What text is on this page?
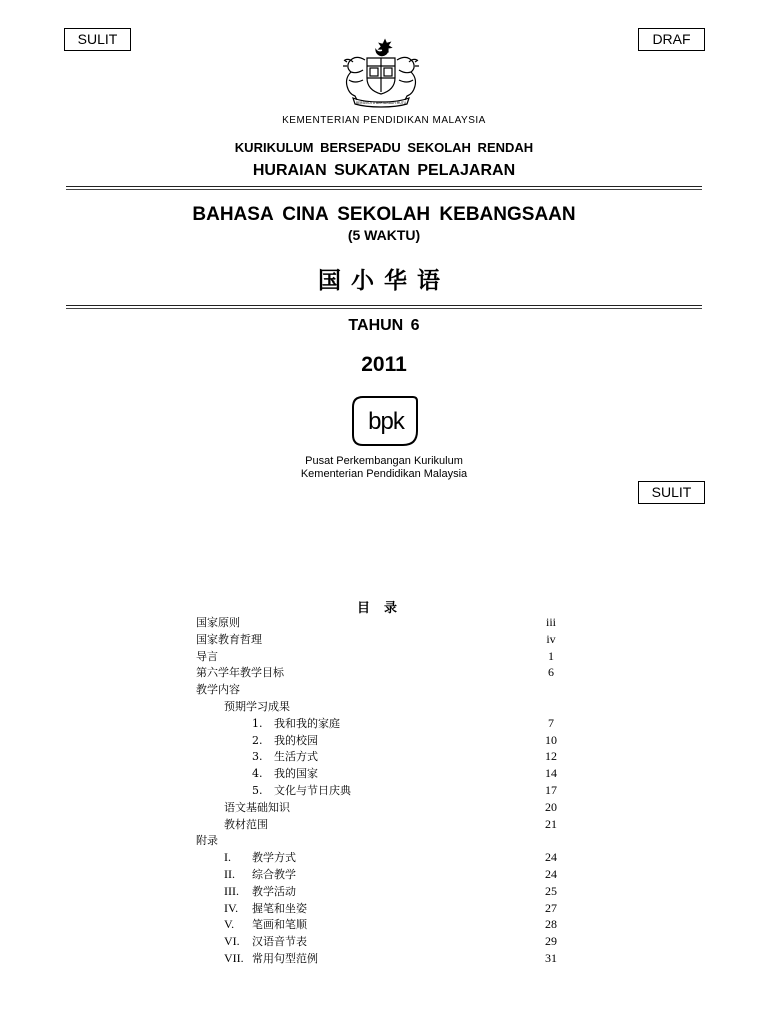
SULIT	DRAF
BERSEKUTU BERTAMBAH MUTU
KEMENTERIAN PENDIDIKAN MALAYSIA
KURIKULUM BERSEPADU SEKOLAH RENDAH
HURAIAN SUKATAN PELAJARAN
BAHASA CINA SEKOLAH KEBANGSAAN
(5 WAKTU)
国小华语
TAHUN 6
2011
bpk
Pusat Perkembangan Kurikulum
Kementerian Pendidikan Malaysia
SULIT
目录
国家原则	iii
国家教育哲理	iv
导言	1
第六学年教学目标	6
教学内容
预期学习成果
1. 我和我的家庭	7
2. 我的校园	10
3. 生活方式	12
4. 我的国家	14
5. 文化与节日庆典	17
语文基础知识	20
教材范围	21
附录
I. 教学方式	24
II. 综合教学	24
III. 教学活动	25
IV. 握笔和坐姿	27
V. 笔画和笔顺	28
VI. 汉语音节表	29
VII. 常用句型范例	31
